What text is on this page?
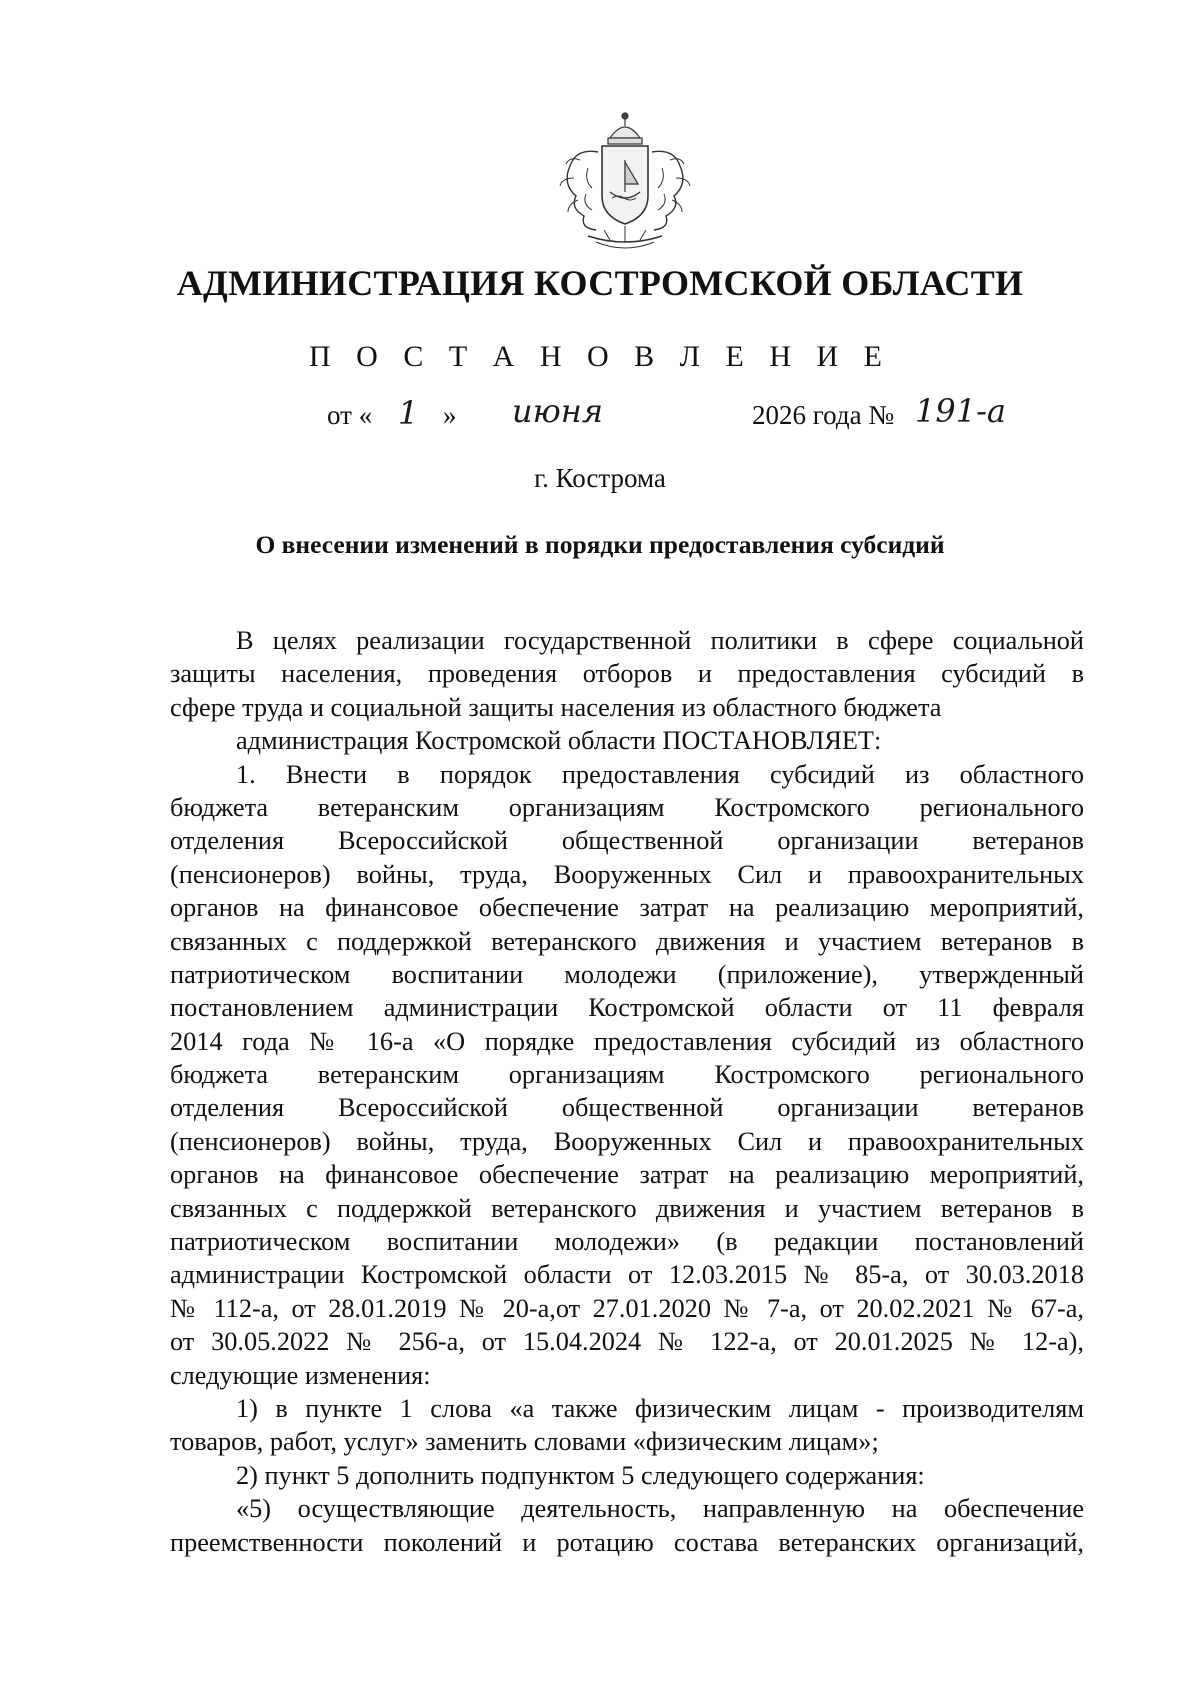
АДМИНИСТРАЦИЯ КОСТРОМСКОЙ ОБЛАСТИ
П О С Т А Н О В Л Е Н И Е
от « 1 » июня	2026 года № 191-а
г. Кострома
О внесении изменений в порядки предоставления субсидий
В целях реализации государственной политики в сфере социальной
защиты населения, проведения отборов и предоставления субсидий в
сфере труда и социальной защиты населения из областного бюджета
администрация Костромской области ПОСТАНОВЛЯЕТ:
1. Внести в порядок предоставления субсидий из областного
бюджета ветеранским организациям Костромского регионального
отделения Всероссийской общественной организации ветеранов
(пенсионеров) войны, труда, Вооруженных Сил и правоохранительных
органов на финансовое обеспечение затрат на реализацию мероприятий,
связанных с поддержкой ветеранского движения и участием ветеранов в
патриотическом воспитании молодежи (приложение), утвержденный
постановлением администрации Костромской области от 11 февраля
2014 года № 16-а «О порядке предоставления субсидий из областного
бюджета ветеранским организациям Костромского регионального
отделения Всероссийской общественной организации ветеранов
(пенсионеров) войны, труда, Вооруженных Сил и правоохранительных
органов на финансовое обеспечение затрат на реализацию мероприятий,
связанных с поддержкой ветеранского движения и участием ветеранов в
патриотическом воспитании молодежи» (в редакции постановлений
администрации Костромской области от 12.03.2015 № 85-а, от 30.03.2018
№ 112-а, от 28.01.2019 № 20-а,от 27.01.2020 № 7-а, от 20.02.2021 № 67-а,
от 30.05.2022 № 256-а, от 15.04.2024 № 122-а, от 20.01.2025 № 12-а),
следующие изменения:
1) в пункте 1 слова «а также физическим лицам - производителям
товаров, работ, услуг» заменить словами «физическим лицам»;
2) пункт 5 дополнить подпунктом 5 следующего содержания:
«5) осуществляющие деятельность, направленную на обеспечение
преемственности поколений и ротацию состава ветеранских организаций,
